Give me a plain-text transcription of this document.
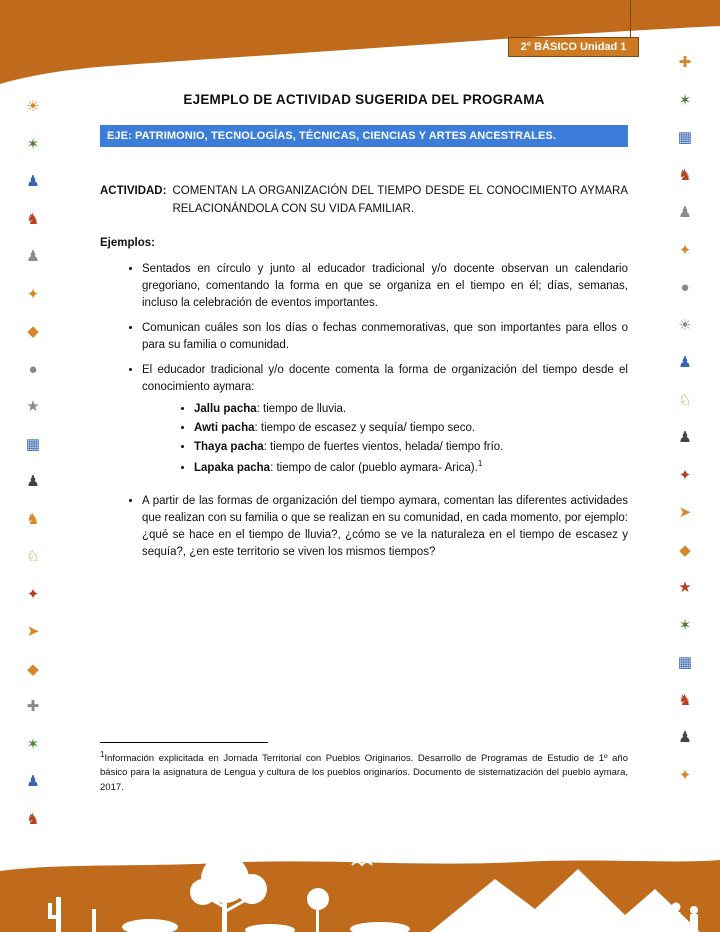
2° BÁSICO Unidad 1
☀
✶
♟
♞
♟
✦
◆
●
★
▦
♟
♞
♘
✦
➤
◆
✚
✶
♟
♞
✚
✶
▦
♞
♟
✦
●
☀
♟
♘
♟
✦
➤
◆
★
✶
▦
♞
♟
✦
EJEMPLO DE ACTIVIDAD SUGERIDA DEL PROGRAMA
EJE: PATRIMONIO, TECNOLOGÍAS, TÉCNICAS, CIENCIAS Y ARTES ANCESTRALES.
ACTIVIDAD: COMENTAN LA ORGANIZACIÓN DEL TIEMPO DESDE EL CONOCIMIENTO AYMARA RELACIONÁNDOLA CON SU VIDA FAMILIAR.
Ejemplos:
• Sentados en círculo y junto al educador tradicional y/o docente observan un calendario gregoriano, comentando la forma en que se organiza en el tiempo en él; días, semanas, incluso la celebración de eventos importantes.
• Comunican cuáles son los días o fechas conmemorativas, que son importantes para ellos o para su familia o comunidad.
• El educador tradicional y/o docente comenta la forma de organización del tiempo desde el conocimiento aymara:
• Jallu pacha: tiempo de lluvia.
• Awti pacha: tiempo de escasez y sequía/ tiempo seco.
• Thaya pacha: tiempo de fuertes vientos, helada/ tiempo frío.
• Lapaka pacha: tiempo de calor (pueblo aymara- Arica).$^1$
• A partir de las formas de organización del tiempo aymara, comentan las diferentes actividades que realizan con su familia o que se realizan en su comunidad, en cada momento, por ejemplo: ¿qué se hace en el tiempo de lluvia?, ¿cómo se ve la naturaleza en el tiempo de escasez y sequía?, ¿en este territorio se viven los mismos tiempos?
$^1$Información explicitada en Jornada Territorial con Pueblos Originarios. Desarrollo de Programas de Estudio de 1º año básico para la asignatura de Lengua y cultura de los pueblos originarios. Documento de sistematización del pueblo aymara, 2017.
